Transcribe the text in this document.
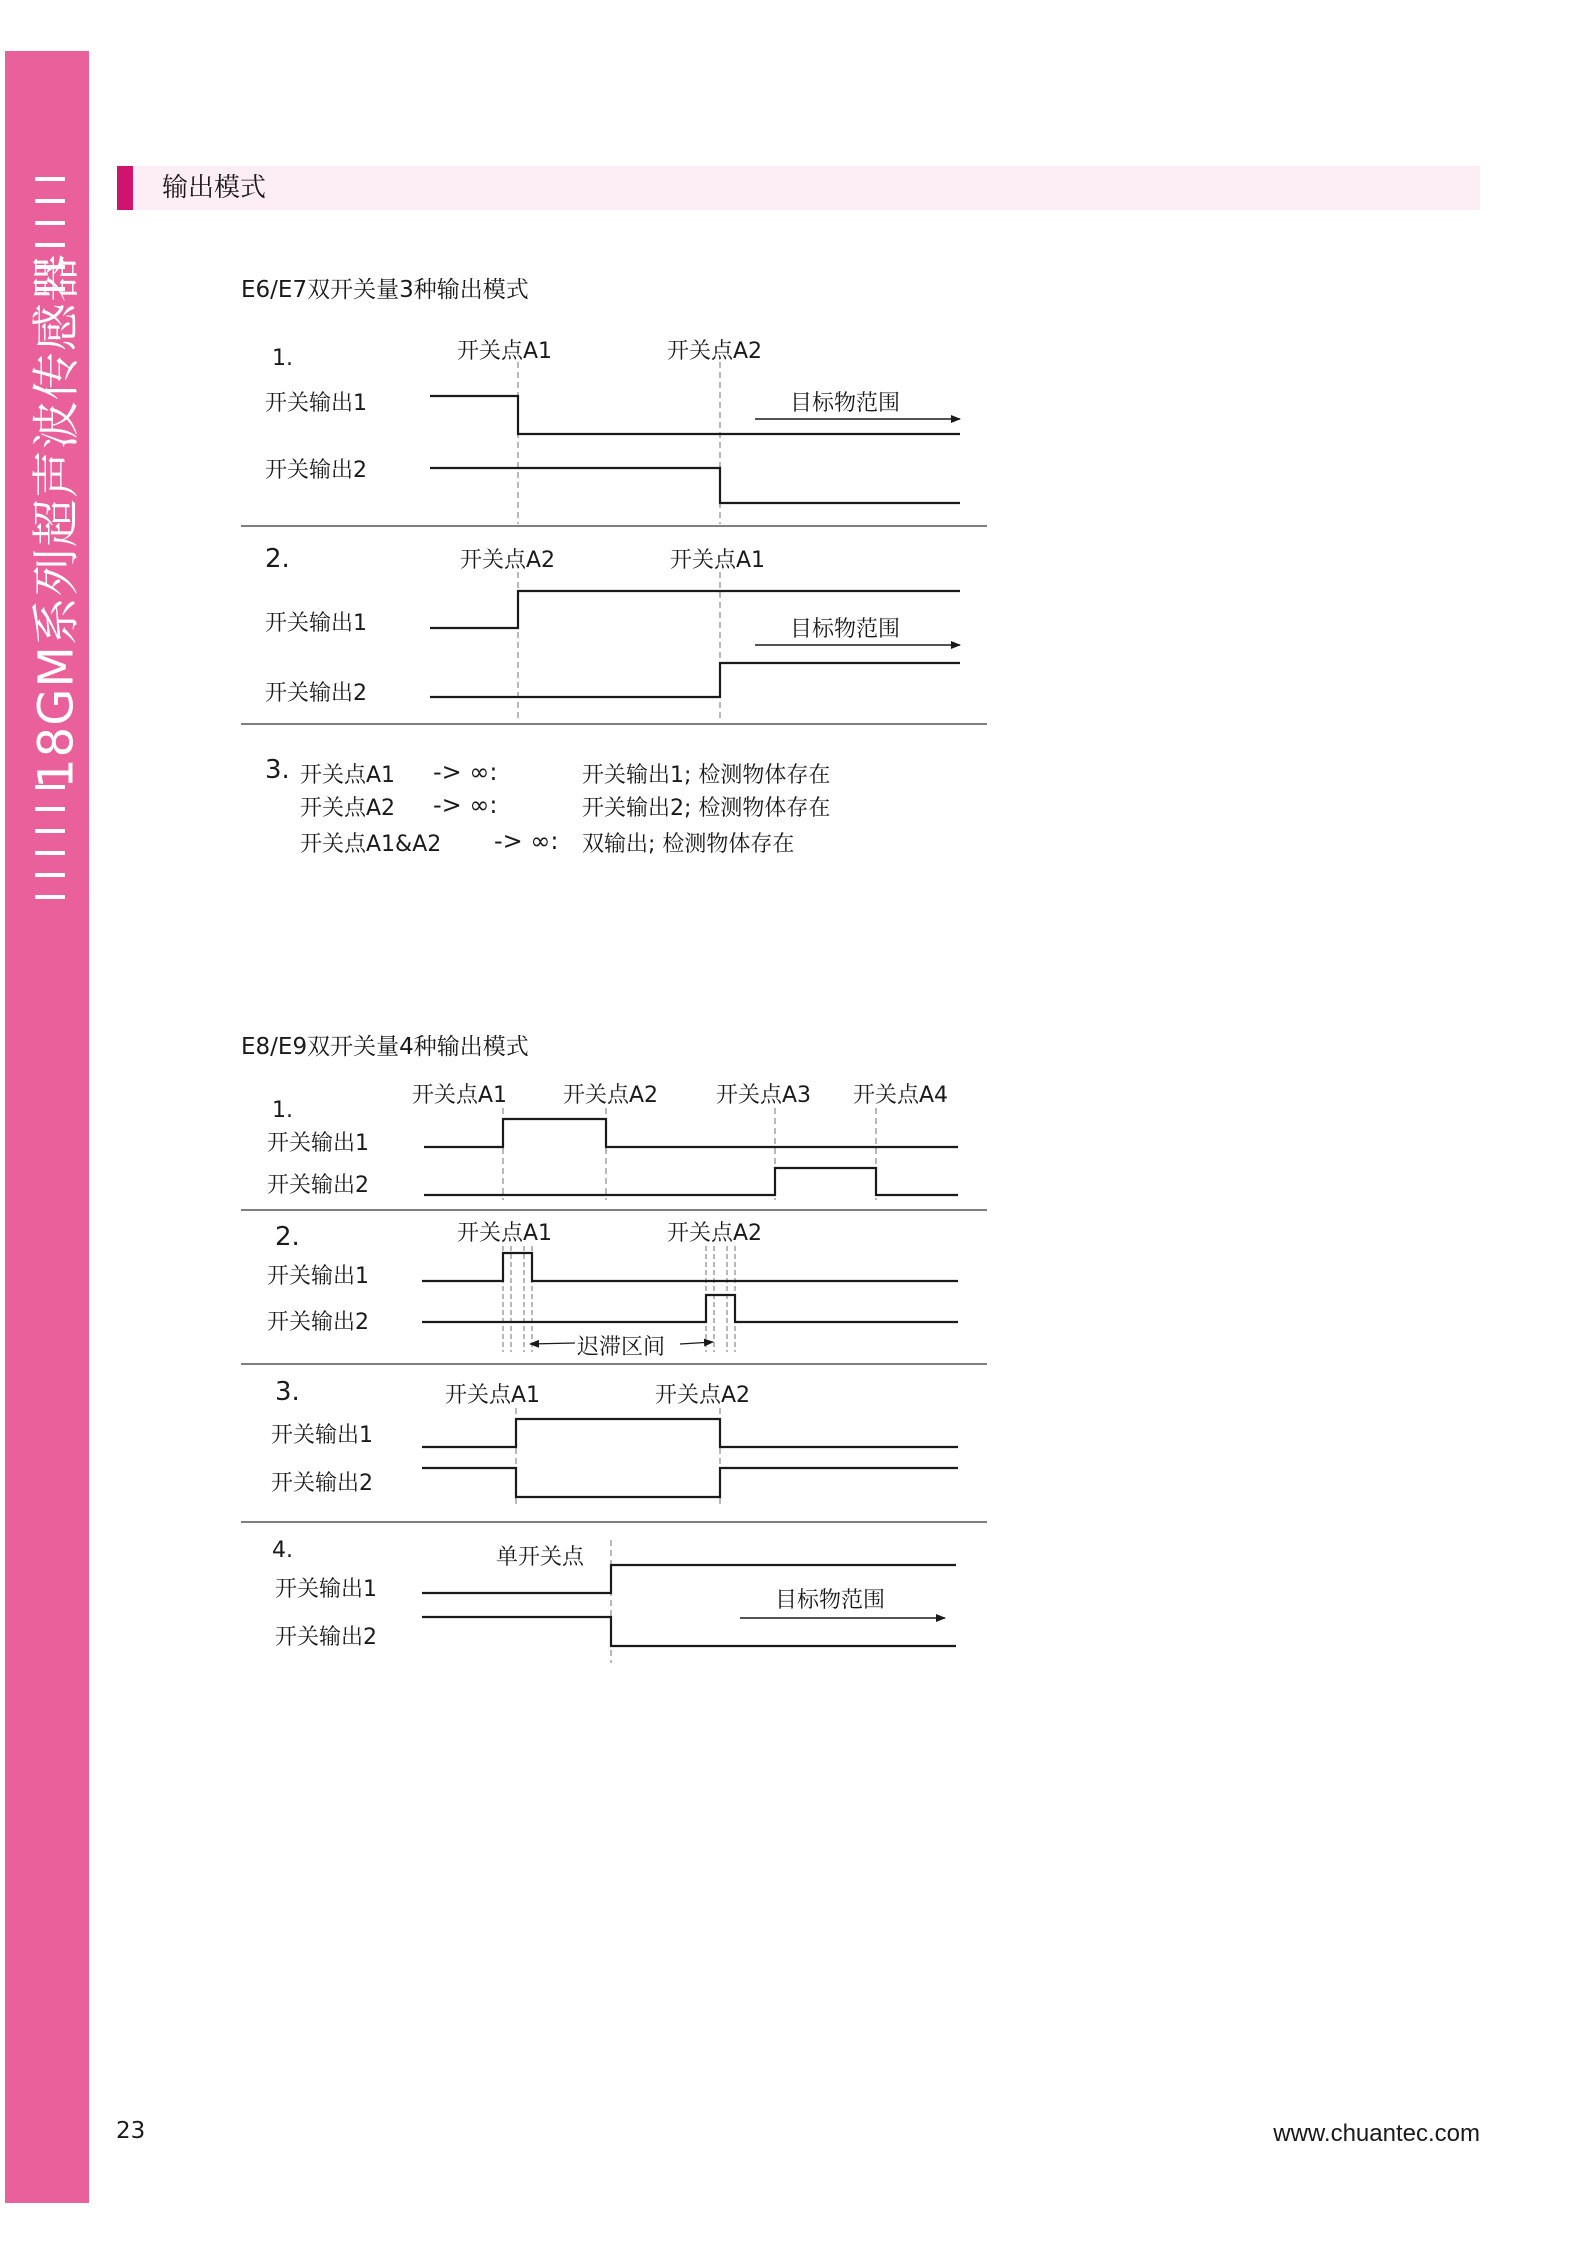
18GM系列超声波传感器
输出模式
E6/E7双开关量3种输出模式
E8/E9双开关量4种输出模式
1.	开关点A1	开关点A2
开关输出1
开关输出2
目标物范围
2.	开关点A2	开关点A1
开关输出1
开关输出2
目标物范围
3. 开关点A1 -> ∞:	开关输出1; 检测物体存在
开关点A2 -> ∞:	开关输出2; 检测物体存在
开关点A1&A2 -> ∞: 双输出; 检测物体存在
1.
开关点A1	开关点A2	开关点A3 开关点A4
开关输出1
开关输出2
2.	开关点A1	开关点A2
开关输出1
开关输出2
迟滞区间
3.	开关点A1	开关点A2
开关输出1
开关输出2
4.	单开关点
开关输出1
开关输出2
目标物范围
23	www.chuantec.com
